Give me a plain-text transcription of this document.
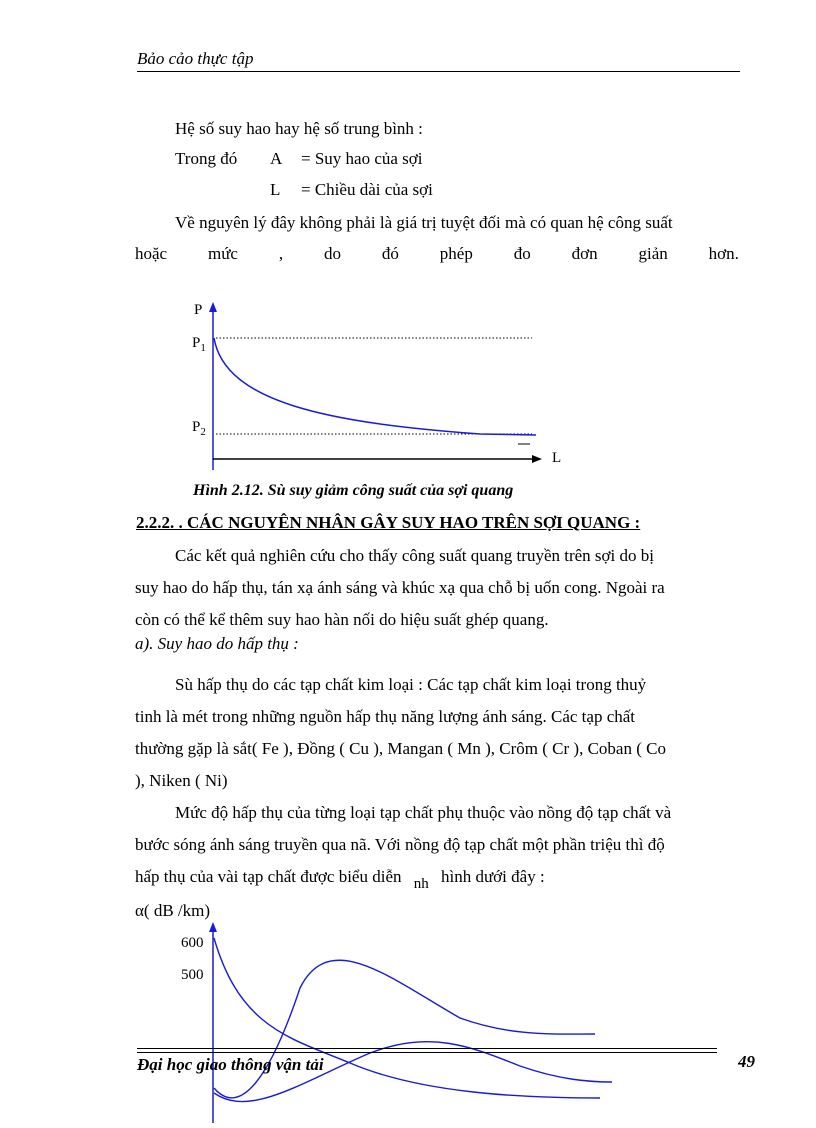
Bảo cảo thực tập
Hệ số suy hao hay hệ số trung bình :
Trong đó A = Suy hao của sợi
L = Chiều dài của sợi
Về nguyên lý đây không phải là giá trị tuyệt đối mà có quan hệ công suất
hoặc mức , do đó phép đo đơn giản hơn.
P
$P_1$
$P_2$
L
Hình 2.12. Sù suy giảm công suất của sợi quang
2.2.2. . CÁC NGUYÊN NHÂN GÂY SUY HAO TRÊN SỢI QUANG :
Các kết quả nghiên cứu cho thấy công suất quang truyền trên sợi do bị
suy hao do hấp thụ, tán xạ ánh sáng và khúc xạ qua chỗ bị uốn cong. Ngoài ra
còn có thể kể thêm suy hao hàn nối do hiệu suất ghép quang.
a). Suy hao do hấp thụ :
Sù hấp thụ do các tạp chất kim loại : Các tạp chất kim loại trong thuỷ
tinh là mét trong những nguồn hấp thụ năng lượng ánh sáng. Các tạp chất
thường gặp là sắt( Fe ), Đồng ( Cu ), Mangan ( Mn ), Crôm ( Cr ), Coban ( Co
), Niken ( Ni)
Mức độ hấp thụ của từng loại tạp chất phụ thuộc vào nồng độ tạp chất và
bước sóng ánh sáng truyền qua nã. Với nồng độ tạp chất một phần triệu thì độ
hấp thụ của vài tạp chất được biểu diễn nh hình dưới đây :
α( dB /km)
600
500
Đại học giao thông vận tải	49
